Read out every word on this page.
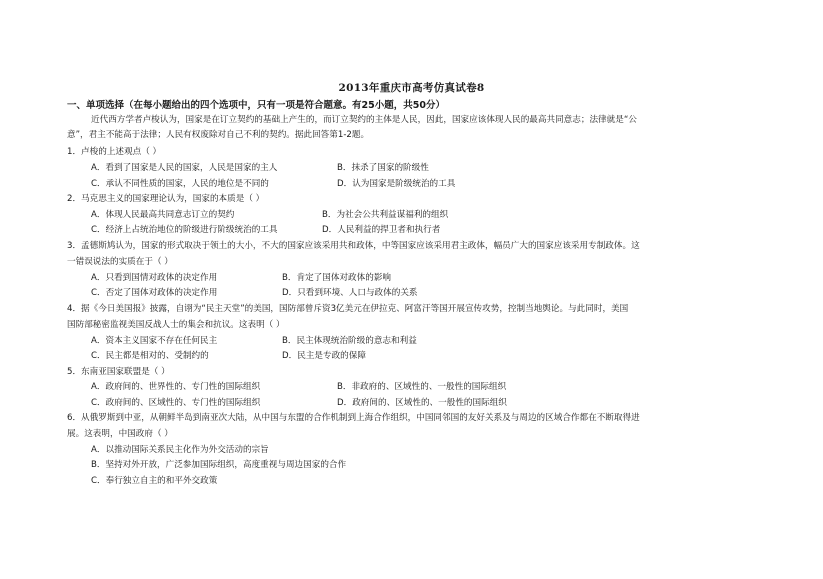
2013年重庆市高考仿真试卷8
一、单项选择（在每小题给出的四个选项中，只有一项是符合题意。有25小题，共50分）
近代西方学者卢梭认为，国家是在订立契约的基础上产生的，而订立契约的主体是人民，因此，国家应该体现人民的最高共同意志；法律就是“公
意”，君主不能高于法律；人民有权废除对自己不利的契约。据此回答第1-2题。
1．卢梭的上述观点（ ）
A．看到了国家是人民的国家，人民是国家的主人	B．抹杀了国家的阶级性
C．承认不同性质的国家，人民的地位是不同的	D．认为国家是阶级统治的工具
2．马克思主义的国家理论认为，国家的本质是（ ）
A．体现人民最高共同意志订立的契约	B．为社会公共利益谋福利的组织
C．经济上占统治地位的阶级进行阶级统治的工具	D．人民利益的捍卫者和执行者
3．孟德斯鸠认为，国家的形式取决于领土的大小，不大的国家应该采用共和政体，中等国家应该采用君主政体，幅员广大的国家应该采用专制政体。这
一错误说法的实质在于（ ）
A．只看到国情对政体的决定作用	B．肯定了国体对政体的影响
C．否定了国体对政体的决定作用	D．只看到环境、人口与政体的关系
4．据《今日美国报》披露，自诩为“民主天堂”的美国，国防部曾斥资3亿美元在伊拉克、阿富汗等国开展宣传攻势，控制当地舆论。与此同时，美国
国防部秘密监视美国反战人士的集会和抗议。这表明（ ）
A．资本主义国家不存在任何民主	B．民主体现统治阶级的意志和利益
C．民主都是相对的、受制约的	D．民主是专政的保障
5．东南亚国家联盟是（ ）
A．政府间的、世界性的、专门性的国际组织	B．非政府的、区域性的、一般性的国际组织
C．政府间的、区域性的、专门性的国际组织	D．政府间的、区域性的、一般性的国际组织
6．从俄罗斯到中亚，从朝鲜半岛到南亚次大陆，从中国与东盟的合作机制到上海合作组织，中国同邻国的友好关系及与周边的区域合作都在不断取得进
展。这表明，中国政府（ ）
A．以推动国际关系民主化作为外交活动的宗旨
B．坚持对外开放，广泛参加国际组织，高度重视与周边国家的合作
C．奉行独立自主的和平外交政策
